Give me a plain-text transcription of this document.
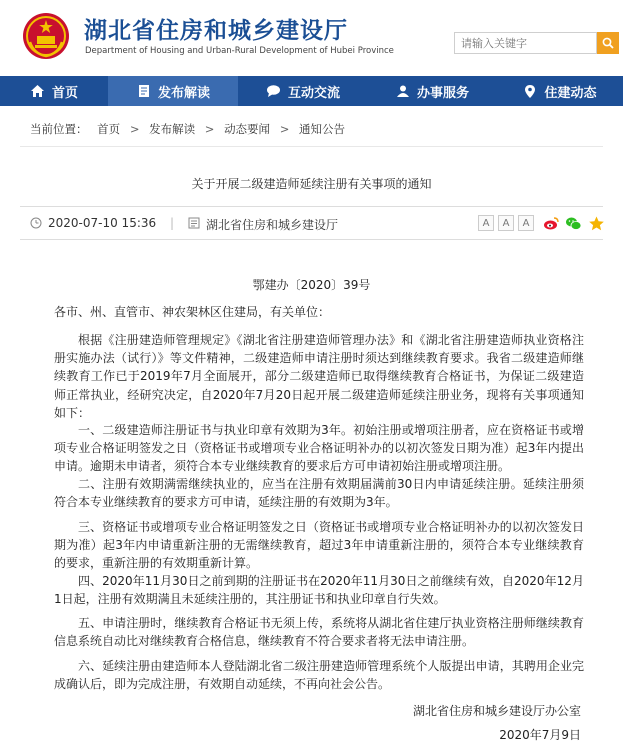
湖北省住房和城乡建设厅
Department of Housing and Urban-Rural Development of Hubei Province
请输入关键字
首页	发布解读	互动交流	办事服务	住建动态
当前位置： 首页 > 发布解读 > 动态要闻 > 通知公告
关于开展二级建造师延续注册有关事项的通知
2020-07-10 15:36 |	湖北省住房和城乡建设厅	A	A	A
鄂建办〔2020〕39号
各市、州、直管市、神农架林区住建局，有关单位：
根据《注册建造师管理规定》《湖北省注册建造师管理办法》和《湖北省注册建造师执业资格注册实施办法（试行）》等文件精神，二级建造师申请注册时须达到继续教育要求。我省二级建造师继续教育工作已于2019年7月全面展开，部分二级建造师已取得继续教育合格证书，为保证二级建造师正常执业，经研究决定，自2020年7月20日起开展二级建造师延续注册业务，现将有关事项通知如下：
一、二级建造师注册证书与执业印章有效期为3年。初始注册或增项注册者，应在资格证书或增项专业合格证明签发之日（资格证书或增项专业合格证明补办的以初次签发日期为准）起3年内提出申请。逾期未申请者，须符合本专业继续教育的要求后方可申请初始注册或增项注册。
二、注册有效期满需继续执业的，应当在注册有效期届满前30日内申请延续注册。延续注册须符合本专业继续教育的要求方可申请，延续注册的有效期为3年。
三、资格证书或增项专业合格证明签发之日（资格证书或增项专业合格证明补办的以初次签发日期为准）起3年内申请重新注册的无需继续教育，超过3年申请重新注册的，须符合本专业继续教育的要求，重新注册的有效期重新计算。
四、2020年11月30日之前到期的注册证书在2020年11月30日之前继续有效，自2020年12月1日起，注册有效期满且未延续注册的，其注册证书和执业印章自行失效。
五、申请注册时，继续教育合格证书无须上传，系统将从湖北省住建厅执业资格注册师继续教育信息系统自动比对继续教育合格信息，继续教育不符合要求者将无法申请注册。
六、延续注册由建造师本人登陆湖北省二级注册建造师管理系统个人版提出申请，其聘用企业完成确认后，即为完成注册，有效期自动延续，不再向社会公告。
湖北省住房和城乡建设厅办公室
2020年7月9日
